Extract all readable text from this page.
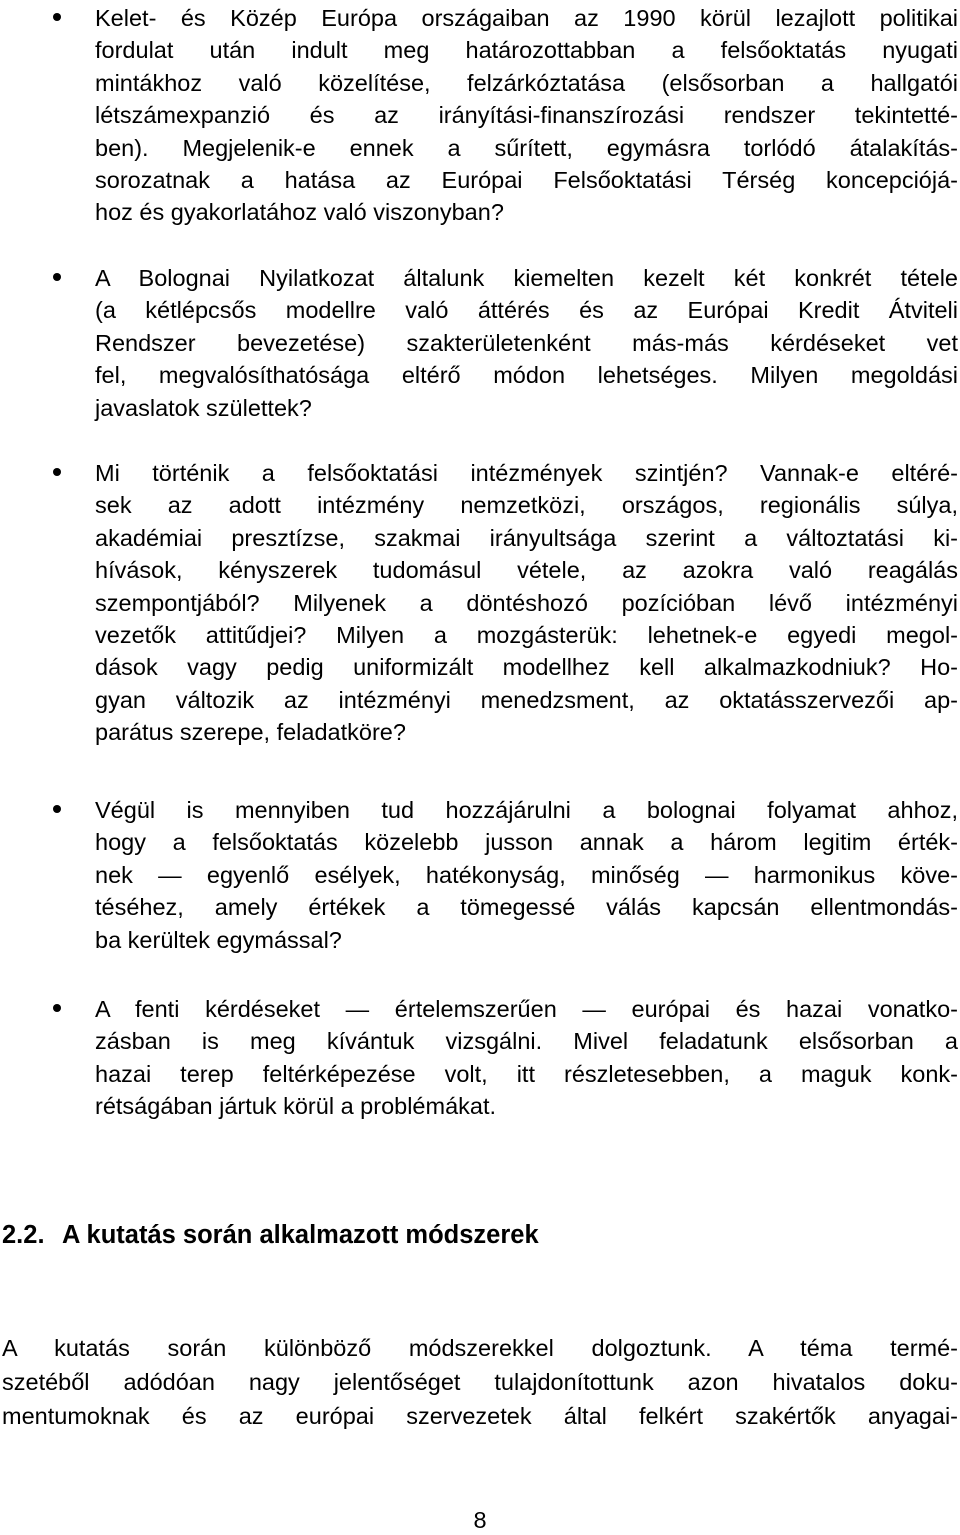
Kelet- és Közép Európa országaiban az 1990 körül lezajlott politikai
fordulat után indult meg határozottabban a felsőoktatás nyugati
mintákhoz való közelítése, felzárkóztatása (elsősorban a hallgatói
létszámexpanzió és az irányítási-finanszírozási rendszer tekintetté-
ben). Megjelenik-e ennek a sűrített, egymásra torlódó átalakítás-
sorozatnak a hatása az Európai Felsőoktatási Térség koncepciójá-
hoz és gyakorlatához való viszonyban?
A Bolognai Nyilatkozat általunk kiemelten kezelt két konkrét tétele
(a kétlépcsős modellre való áttérés és az Európai Kredit Átviteli
Rendszer bevezetése) szakterületenként más-más kérdéseket vet
fel, megvalósíthatósága eltérő módon lehetséges. Milyen megoldási
javaslatok születtek?
Mi történik a felsőoktatási intézmények szintjén? Vannak-e eltéré-
sek az adott intézmény nemzetközi, országos, regionális súlya,
akadémiai presztízse, szakmai irányultsága szerint a változtatási ki-
hívások, kényszerek tudomásul vétele, az azokra való reagálás
szempontjából? Milyenek a döntéshozó pozícióban lévő intézményi
vezetők attitűdjei? Milyen a mozgásterük: lehetnek-e egyedi megol-
dások vagy pedig uniformizált modellhez kell alkalmazkodniuk? Ho-
gyan változik az intézményi menedzsment, az oktatásszervezői ap-
parátus szerepe, feladatköre?
Végül is mennyiben tud hozzájárulni a bolognai folyamat ahhoz,
hogy a felsőoktatás közelebb jusson annak a három legitim érték-
nek — egyenlő esélyek, hatékonyság, minőség — harmonikus köve-
téséhez, amely értékek a tömegessé válás kapcsán ellentmondás-
ba kerültek egymással?
A fenti kérdéseket — értelemszerűen — európai és hazai vonatko-
zásban is meg kívántuk vizsgálni. Mivel feladatunk elsősorban a
hazai terep feltérképezése volt, itt részletesebben, a maguk konk-
rétságában jártuk körül a problémákat.
2.2. A kutatás során alkalmazott módszerek
A kutatás során különböző módszerekkel dolgoztunk. A téma termé-
szetéből adódóan nagy jelentőséget tulajdonítottunk azon hivatalos doku-
mentumoknak és az európai szervezetek által felkért szakértők anyagai-
8
